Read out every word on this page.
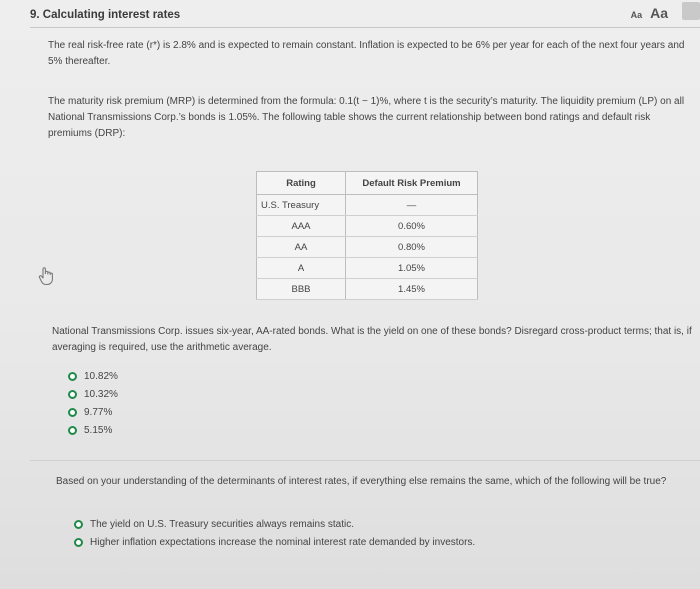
9. Calculating interest rates	Aa Aa
The real risk-free rate (r*) is 2.8% and is expected to remain constant. Inflation is expected to be 6% per year for each of the next four years and 5% thereafter.
The maturity risk premium (MRP) is determined from the formula: 0.1(t − 1)%, where t is the security’s maturity. The liquidity premium (LP) on all National Transmissions Corp.’s bonds is 1.05%. The following table shows the current relationship between bond ratings and default risk premiums (DRP):
Rating	Default Risk Premium
U.S. Treasury	—
AAA	0.60%
AA	0.80%
A	1.05%
BBB	1.45%
National Transmissions Corp. issues six-year, AA-rated bonds. What is the yield on one of these bonds? Disregard cross-product terms; that is, if averaging is required, use the arithmetic average.
10.82%
10.32%
9.77%
5.15%
Based on your understanding of the determinants of interest rates, if everything else remains the same, which of the following will be true?
The yield on U.S. Treasury securities always remains static.
Higher inflation expectations increase the nominal interest rate demanded by investors.
